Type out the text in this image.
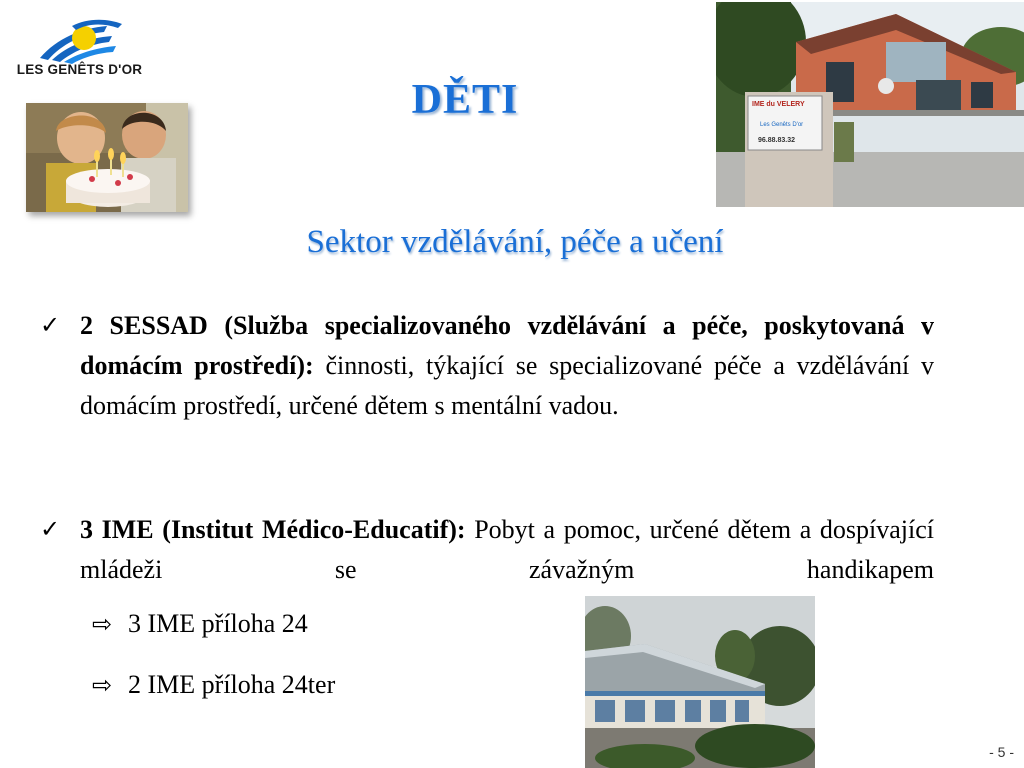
LES GENÊTS D'OR
IME du VELERY
Les Genêts D'or
96.88.83.32
DĚTI
Sektor vzdělávání, péče a učení
✓ 2 SESSAD (Služba specializovaného vzdělávání a péče, poskytovaná v domácím prostředí): činnosti, týkající se specializované péče a vzdělávání v domácím prostředí, určené dětem s mentální vadou.
✓ 3 IME (Institut Médico-Educatif): Pobyt a pomoc, určené dětem a dospívající mládeži se závažným handikapem
⇨ 3 IME příloha 24
⇨ 2 IME příloha 24ter
- 5 -
